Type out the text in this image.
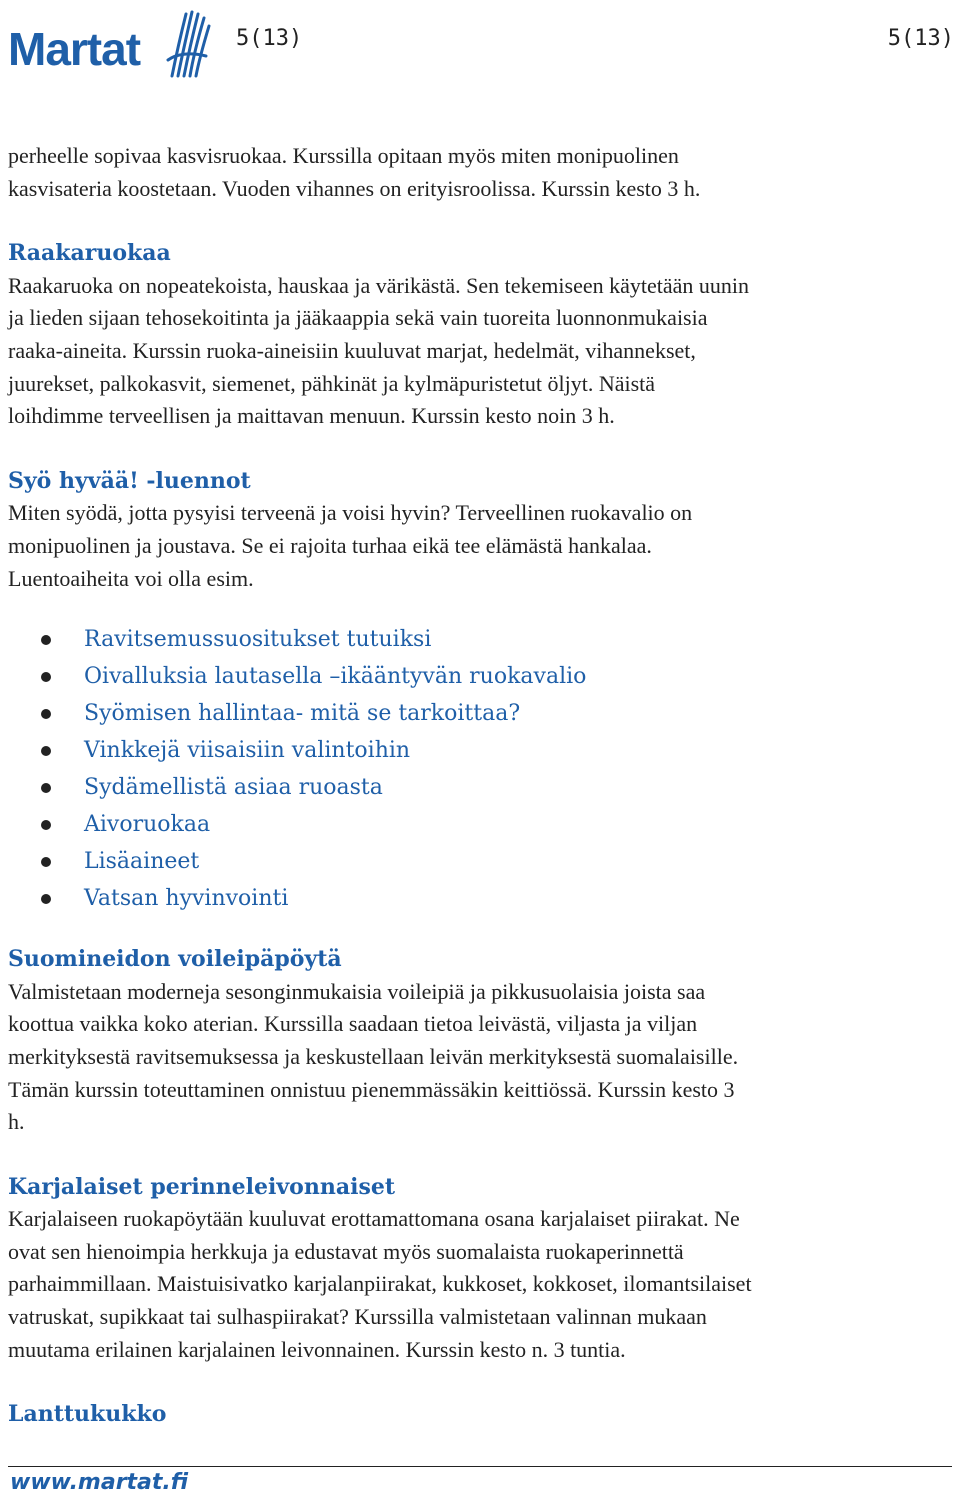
Martat	5(13)	5(13)

perheelle sopivaa kasvisruokaa. Kurssilla opitaan myös miten monipuolinen

kasvisateria koostetaan. Vuoden vihannes on erityisroolissa. Kurssin kesto 3 h.

Raakaruokaa

Raakaruoka on nopeatekoista, hauskaa ja värikästä. Sen tekemiseen käytetään uunin

ja lieden sijaan tehosekoitinta ja jääkaappia sekä vain tuoreita luonnonmukaisia

raaka-aineita. Kurssin ruoka-aineisiin kuuluvat marjat, hedelmät, vihannekset,

juurekset, palkokasvit, siemenet, pähkinät ja kylmäpuristetut öljyt. Näistä

loihdimme terveellisen ja maittavan menuun. Kurssin kesto noin 3 h.

Syö hyvää! -luennot

Miten syödä, jotta pysyisi terveenä ja voisi hyvin? Terveellinen ruokavalio on

monipuolinen ja joustava. Se ei rajoita turhaa eikä tee elämästä hankalaa.

Luentoaiheita voi olla esim.

Ravitsemussuositukset tutuiksi
Oivalluksia lautasella –ikääntyvän ruokavalio
Syömisen hallintaa- mitä se tarkoittaa?
Vinkkejä viisaisiin valintoihin
Sydämellistä asiaa ruoasta
Aivoruokaa
Lisäaineet
Vatsan hyvinvointi
Suomineidon voileipäpöytä

Valmistetaan moderneja sesonginmukaisia voileipiä ja pikkusuolaisia joista saa

koottua vaikka koko aterian. Kurssilla saadaan tietoa leivästä, viljasta ja viljan

merkityksestä ravitsemuksessa ja keskustellaan leivän merkityksestä suomalaisille.

Tämän kurssin toteuttaminen onnistuu pienemmässäkin keittiössä. Kurssin kesto 3

h.

Karjalaiset perinneleivonnaiset

Karjalaiseen ruokapöytään kuuluvat erottamattomana osana karjalaiset piirakat. Ne

ovat sen hienoimpia herkkuja ja edustavat myös suomalaista ruokaperinnettä

parhaimmillaan. Maistuisivatko karjalanpiirakat, kukkoset, kokkoset, ilomantsilaiset

vatruskat, supikkaat tai sulhaspiirakat? Kurssilla valmistetaan valinnan mukaan

muutama erilainen karjalainen leivonnainen. Kurssin kesto n. 3 tuntia.

Lanttukukko
www.martat.fi
